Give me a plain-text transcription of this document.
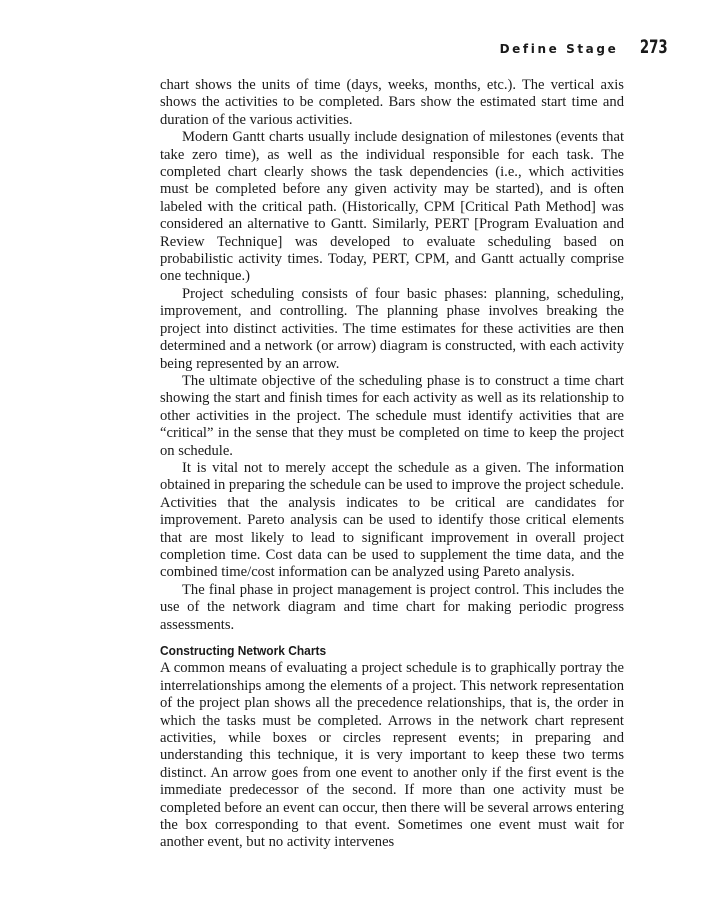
Define Stage 273

chart shows the units of time (days, weeks, months, etc.). The vertical axis shows the activities to be completed. Bars show the estimated start time and duration of the various activities.

Modern Gantt charts usually include designation of milestones (events that take zero time), as well as the individual responsible for each task. The completed chart clearly shows the task dependencies (i.e., which activities must be completed before any given activity may be started), and is often labeled with the critical path. (Historically, CPM [Critical Path Method] was considered an alternative to Gantt. Similarly, PERT [Program Evaluation and Review Technique] was developed to evaluate scheduling based on probabilistic activity times. Today, PERT, CPM, and Gantt actually comprise one technique.)

Project scheduling consists of four basic phases: planning, scheduling, improvement, and controlling. The planning phase involves breaking the project into distinct activities. The time estimates for these activities are then determined and a network (or arrow) diagram is constructed, with each activity being represented by an arrow.

The ultimate objective of the scheduling phase is to construct a time chart showing the start and finish times for each activity as well as its relationship to other activities in the project. The schedule must identify activities that are “critical” in the sense that they must be completed on time to keep the project on schedule.

It is vital not to merely accept the schedule as a given. The information obtained in preparing the schedule can be used to improve the project schedule. Activities that the analysis indicates to be critical are candidates for improvement. Pareto analysis can be used to identify those critical elements that are most likely to lead to significant improvement in overall project completion time. Cost data can be used to supplement the time data, and the combined time/cost information can be analyzed using Pareto analysis.

The final phase in project management is project control. This includes the use of the network diagram and time chart for making periodic progress assessments.

Constructing Network Charts

A common means of evaluating a project schedule is to graphically portray the interrelationships among the elements of a project. This network representation of the project plan shows all the precedence relationships, that is, the order in which the tasks must be completed. Arrows in the network chart represent activities, while boxes or circles represent events; in preparing and understanding this technique, it is very important to keep these two terms distinct. An arrow goes from one event to another only if the first event is the immediate predecessor of the second. If more than one activity must be completed before an event can occur, then there will be several arrows entering the box corresponding to that event. Sometimes one event must wait for another event, but no activity intervenes
